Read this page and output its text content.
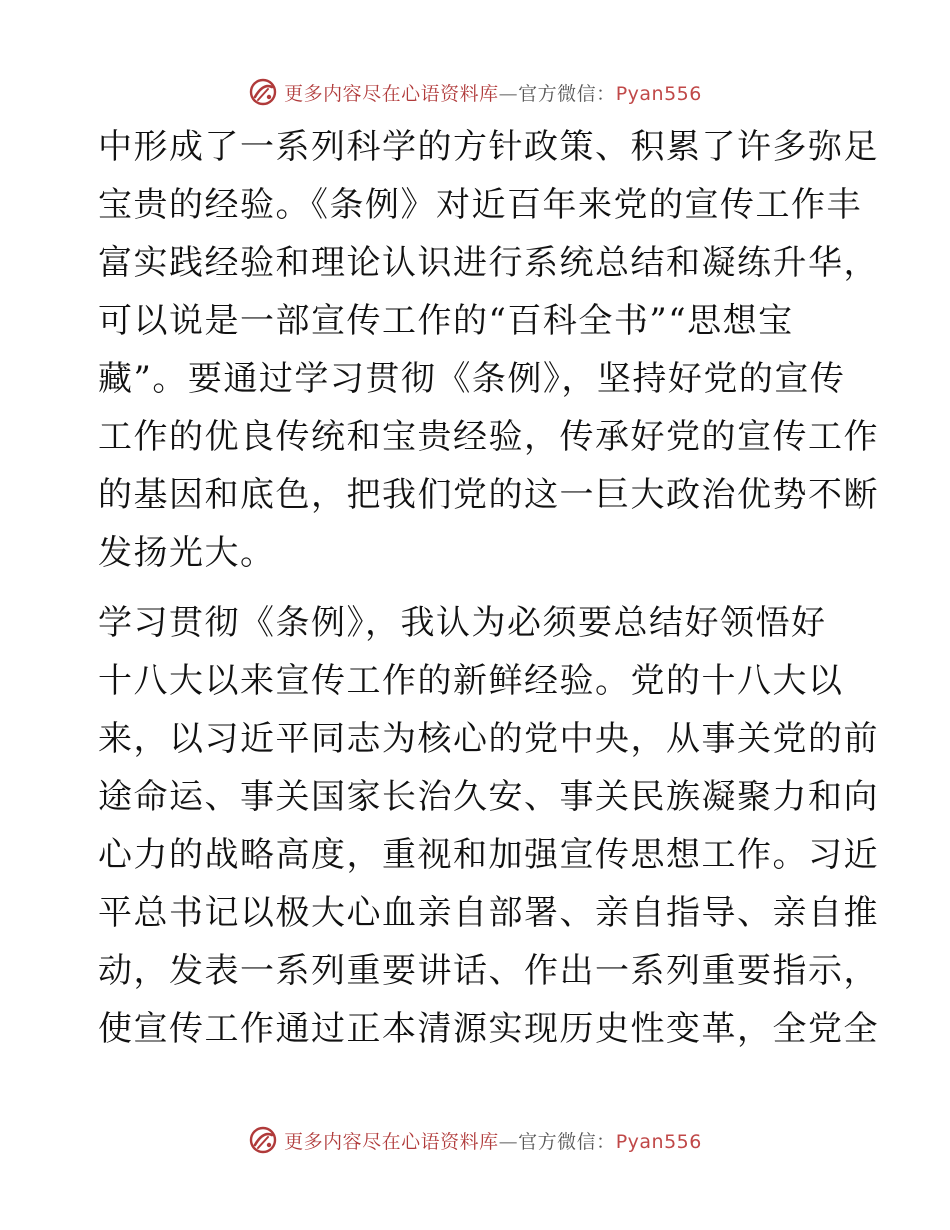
更多内容尽在心语资料库—官方微信：Pyan556
中形成了一系列科学的方针政策、积累了许多弥足
宝贵的经验。《条例》对近百年来党的宣传工作丰
富实践经验和理论认识进行系统总结和凝练升华，
可以说是一部宣传工作的“百科全书”“思想宝
藏”。要通过学习贯彻《条例》，坚持好党的宣传
工作的优良传统和宝贵经验，传承好党的宣传工作
的基因和底色，把我们党的这一巨大政治优势不断
发扬光大。
学习贯彻《条例》，我认为必须要总结好领悟好
十八大以来宣传工作的新鲜经验。党的十八大以
来，以习近平同志为核心的党中央，从事关党的前
途命运、事关国家长治久安、事关民族凝聚力和向
心力的战略高度，重视和加强宣传思想工作。习近
平总书记以极大心血亲自部署、亲自指导、亲自推
动，发表一系列重要讲话、作出一系列重要指示，
使宣传工作通过正本清源实现历史性变革，全党全
更多内容尽在心语资料库—官方微信：Pyan556
